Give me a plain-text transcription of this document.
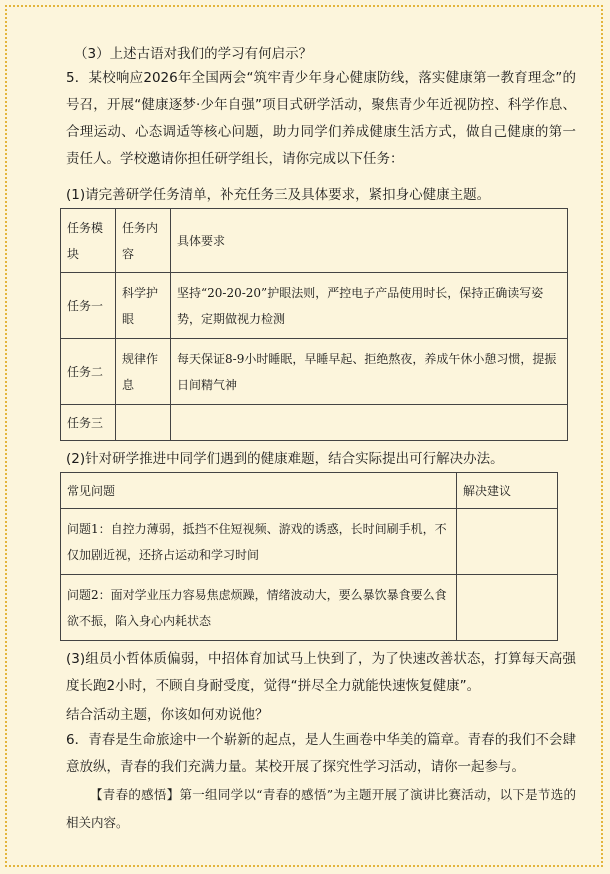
（3）上述古语对我们的学习有何启示？
5．某校响应2026年全国两会“筑牢青少年身心健康防线，落实健康第一教育理念”的号召，开展“健康逐梦·少年自强”项目式研学活动，聚焦青少年近视防控、科学作息、合理运动、心态调适等核心问题，助力同学们养成健康生活方式，做自己健康的第一责任人。学校邀请你担任研学组长，请你完成以下任务：
(1)请完善研学任务清单，补充任务三及具体要求，紧扣身心健康主题。
任务模块	任务内容	具体要求
任务一	科学护眼	坚持“20-20-20”护眼法则，严控电子产品使用时长，保持正确读写姿势，定期做视力检测
任务二	规律作息	每天保证8-9小时睡眠，早睡早起、拒绝熬夜，养成午休小憩习惯，提振日间精气神
任务三		
(2)针对研学推进中同学们遇到的健康难题，结合实际提出可行解决办法。
常见问题	解决建议
问题1：自控力薄弱，抵挡不住短视频、游戏的诱惑，长时间刷手机，不仅加剧近视，还挤占运动和学习时间	
问题2：面对学业压力容易焦虑烦躁，情绪波动大，要么暴饮暴食要么食欲不振，陷入身心内耗状态	
(3)组员小哲体质偏弱，中招体育加试马上快到了，为了快速改善状态，打算每天高强度长跑2小时，不顾自身耐受度，觉得“拼尽全力就能快速恢复健康”。
结合活动主题，你该如何劝说他？
6．青春是生命旅途中一个崭新的起点，是人生画卷中华美的篇章。青春的我们不会肆意放纵，青春的我们充满力量。某校开展了探究性学习活动，请你一起参与。
【青春的感悟】第一组同学以“青春的感悟”为主题开展了演讲比赛活动，以下是节选的相关内容。
